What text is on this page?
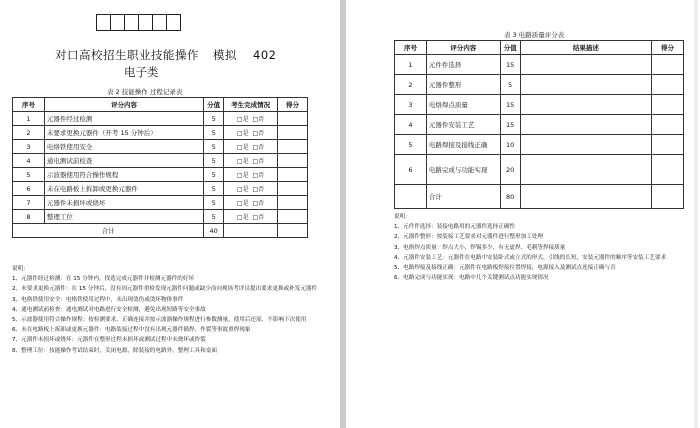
对口高校招生职业技能操作 模拟 402
电子类
表 2 技能操作 过程记录表
序号	评分内容	分值	考生完成情况	得分
1	元器件经过检测	5	□是 □否	
2	未要求更换元器件（开考 15 分钟后）	5	□是 □否	
3	电烙铁使用安全	5	□是 □否	
4	通电测试前检查	5	□是 □否	
5	示波器使用符合操作规程	5	□是 □否	
6	未在电路板上拆卸或更换元器件	5	□是 □否	
7	元器件未损坏或烧坏	5	□是 □否	
8	整理工位	5	□是 □否	
合计		40		

说明：

1、元器件经过检测：在 15 分钟内，找选完成元器件并检测元器件的好坏

2、未要求更换元器件：在 15 分钟后，没有因元器件重检发现元器件问题或缺少而向现场考评员提出要求更换或补发元器件

3、电烙铁使用安全：电烙铁使用过程中，未出现烫伤或烫坏物体事件

4、通电测试前检查：通电测试对电路进行安全检测，避免出现短路等安全事故

5、示波器使用符合操作规程：按检测要求，正确连接并按示波器操作规程进行参数测量，使用后还原，不影响下次使用

6、未在电路板上拆卸或更换元器件：电路装接过程中没有出现元器件插焊、作裂等事故重焊现象

7、元器件未损坏或烧坏：元器件在整形过程未损坏或测试过程中未烧坏或炸裂

8、整理工位：技能操作考试结束时，关闭电源，除装接的电路外，整理工具和桌面

表 3 电路质量评分表
序号	评分内容	分值	结果描述	得分
1	元件件选择	15		
2	元器件整形	5		
3	电烙焊点质量	15		
4	元器件安装工艺	15		
5	电路焊接及接线正确	10		
6	电路完成与功能实现	20		
	合计	80		

说明：

1、元件件选择：装接电路用的元器件选择正确性

2、元器件整形：按装接工艺要求对元器件进行整形加工处理

3、电烙焊点质量：焊点大小，焊锡多少，有无虚焊、毛刺等焊接质量

4、元器件安装工艺：元器件在电路中安装卧式或立式的形式，引线的长短，安装元器件的顺序等安装工艺要求

5、电路焊接及接线正确：元器件在电路板焊接位置焊接，电源接入及测试点连接正确与否

6、电路完成与功能实现：电路中几个关键测试点功能实现情况
